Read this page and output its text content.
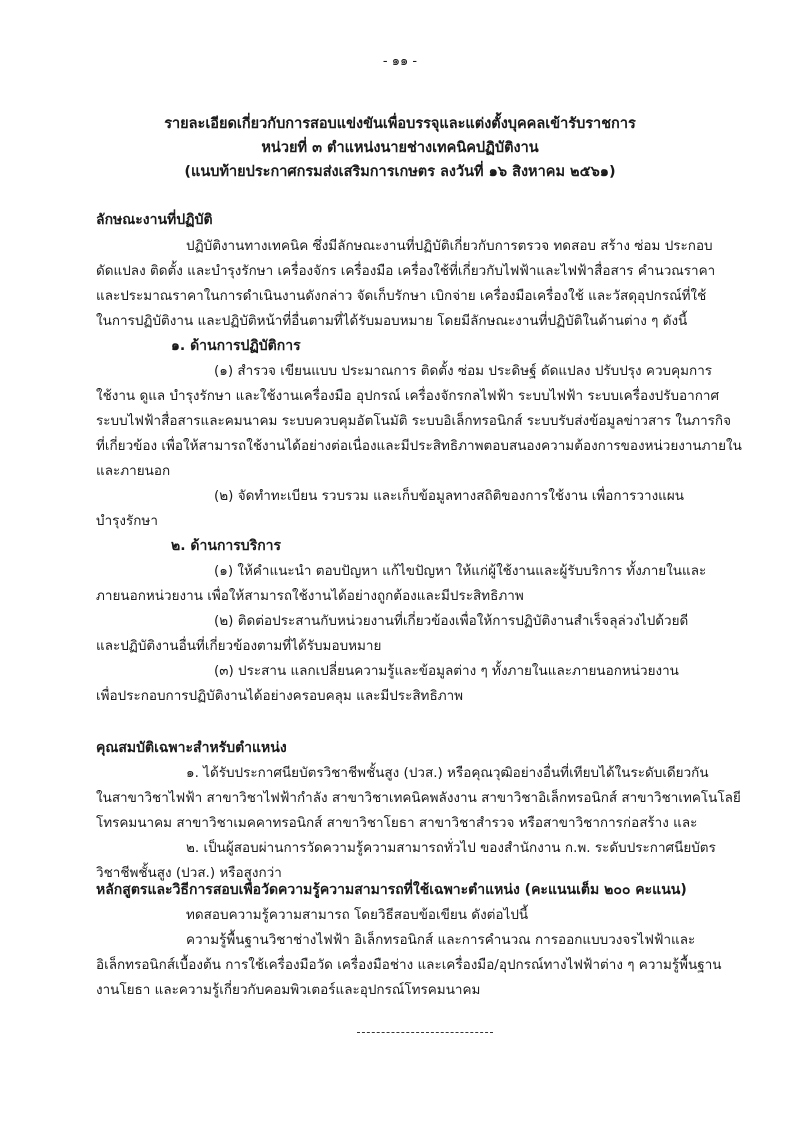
- ๑๑ -
รายละเอียดเกี่ยวกับการสอบแข่งขันเพื่อบรรจุและแต่งตั้งบุคคลเข้ารับราชการ
หน่วยที่ ๓ ตำแหน่งนายช่างเทคนิคปฏิบัติงาน
(แนบท้ายประกาศกรมส่งเสริมการเกษตร ลงวันที่ ๑๖ สิงหาคม ๒๕๖๑)
ลักษณะงานที่ปฏิบัติ
ปฏิบัติงานทางเทคนิค ซึ่งมีลักษณะงานที่ปฏิบัติเกี่ยวกับการตรวจ ทดสอบ สร้าง ซ่อม ประกอบ
ดัดแปลง ติดตั้ง และบำรุงรักษา เครื่องจักร เครื่องมือ เครื่องใช้ที่เกี่ยวกับไฟฟ้าและไฟฟ้าสื่อสาร คำนวณราคา
และประมาณราคาในการดำเนินงานดังกล่าว จัดเก็บรักษา เบิกจ่าย เครื่องมือเครื่องใช้ และวัสดุอุปกรณ์ที่ใช้
ในการปฏิบัติงาน และปฏิบัติหน้าที่อื่นตามที่ได้รับมอบหมาย โดยมีลักษณะงานที่ปฏิบัติในด้านต่าง ๆ ดังนี้
๑. ด้านการปฏิบัติการ
(๑) สำรวจ เขียนแบบ ประมาณการ ติดตั้ง ซ่อม ประดิษฐ์ ดัดแปลง ปรับปรุง ควบคุมการ
ใช้งาน ดูแล บำรุงรักษา และใช้งานเครื่องมือ อุปกรณ์ เครื่องจักรกลไฟฟ้า ระบบไฟฟ้า ระบบเครื่องปรับอากาศ
ระบบไฟฟ้าสื่อสารและคมนาคม ระบบควบคุมอัตโนมัติ ระบบอิเล็กทรอนิกส์ ระบบรับส่งข้อมูลข่าวสาร ในภารกิจ
ที่เกี่ยวข้อง เพื่อให้สามารถใช้งานได้อย่างต่อเนื่องและมีประสิทธิภาพตอบสนองความต้องการของหน่วยงานภายใน
และภายนอก
(๒) จัดทำทะเบียน รวบรวม และเก็บข้อมูลทางสถิติของการใช้งาน เพื่อการวางแผน
บำรุงรักษา
๒. ด้านการบริการ
(๑) ให้คำแนะนำ ตอบปัญหา แก้ไขปัญหา ให้แก่ผู้ใช้งานและผู้รับบริการ ทั้งภายในและ
ภายนอกหน่วยงาน เพื่อให้สามารถใช้งานได้อย่างถูกต้องและมีประสิทธิภาพ
(๒) ติดต่อประสานกับหน่วยงานที่เกี่ยวข้องเพื่อให้การปฏิบัติงานสำเร็จลุล่วงไปด้วยดี
และปฏิบัติงานอื่นที่เกี่ยวข้องตามที่ได้รับมอบหมาย
(๓) ประสาน แลกเปลี่ยนความรู้และข้อมูลต่าง ๆ ทั้งภายในและภายนอกหน่วยงาน
เพื่อประกอบการปฏิบัติงานได้อย่างครอบคลุม และมีประสิทธิภาพ
คุณสมบัติเฉพาะสำหรับตำแหน่ง
๑. ได้รับประกาศนียบัตรวิชาชีพชั้นสูง (ปวส.) หรือคุณวุฒิอย่างอื่นที่เทียบได้ในระดับเดียวกัน
ในสาขาวิชาไฟฟ้า สาขาวิชาไฟฟ้ากำลัง สาขาวิชาเทคนิคพลังงาน สาขาวิชาอิเล็กทรอนิกส์ สาขาวิชาเทคโนโลยี
โทรคมนาคม สาขาวิชาเมคคาทรอนิกส์ สาขาวิชาโยธา สาขาวิชาสำรวจ หรือสาขาวิชาการก่อสร้าง และ
๒. เป็นผู้สอบผ่านการวัดความรู้ความสามารถทั่วไป ของสำนักงาน ก.พ. ระดับประกาศนียบัตร
วิชาชีพชั้นสูง (ปวส.) หรือสูงกว่า
หลักสูตรและวิธีการสอบเพื่อวัดความรู้ความสามารถที่ใช้เฉพาะตำแหน่ง (คะแนนเต็ม ๒๐๐ คะแนน)
ทดสอบความรู้ความสามารถ โดยวิธีสอบข้อเขียน ดังต่อไปนี้
ความรู้พื้นฐานวิชาช่างไฟฟ้า อิเล็กทรอนิกส์ และการคำนวณ การออกแบบวงจรไฟฟ้าและ
อิเล็กทรอนิกส์เบื้องต้น การใช้เครื่องมือวัด เครื่องมือช่าง และเครื่องมือ/อุปกรณ์ทางไฟฟ้าต่าง ๆ ความรู้พื้นฐาน
งานโยธา และความรู้เกี่ยวกับคอมพิวเตอร์และอุปกรณ์โทรคมนาคม
